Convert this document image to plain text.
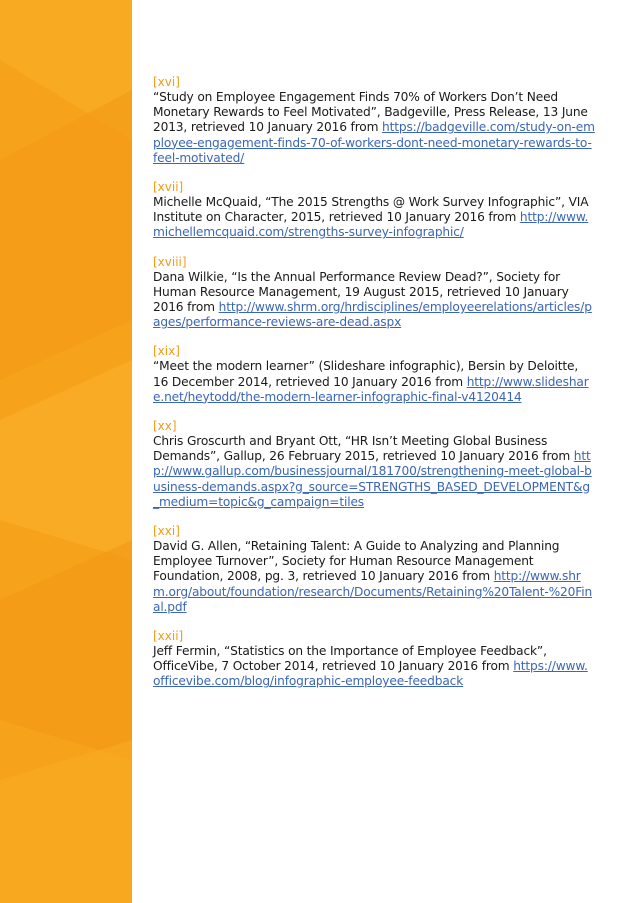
[xvi]
“Study on Employee Engagement Finds 70% of Workers Don’t Need Monetary Rewards to Feel Motivated”, Badgeville, Press Release, 13 June 2013, retrieved 10 January 2016 from https://badgeville.com/study-on-employee-engagement-finds-70-of-workers-dont-need-monetary-rewards-to-feel-motivated/
[xvii]
Michelle McQuaid, “The 2015 Strengths @ Work Survey Infographic”, VIA Institute on Character, 2015, retrieved 10 January 2016 from http://www.michellemcquaid.com/strengths-survey-infographic/
[xviii]
Dana Wilkie, “Is the Annual Performance Review Dead?”, Society for Human Resource Management, 19 August 2015, retrieved 10 January 2016 from http://www.shrm.org/hrdisciplines/employeerelations/articles/pages/performance-reviews-are-dead.aspx
[xix]
“Meet the modern learner” (Slideshare infographic), Bersin by Deloitte, 16 December 2014, retrieved 10 January 2016 from http://www.slideshare.net/heytodd/the-modern-learner-infographic-final-v4120414
[xx]
Chris Groscurth and Bryant Ott, “HR Isn’t Meeting Global Business Demands”, Gallup, 26 February 2015, retrieved 10 January 2016 from http://www.gallup.com/businessjournal/181700/strengthening-meet-global-business-demands.aspx?g_source=STRENGTHS_BASED_DEVELOPMENT&g_medium=topic&g_campaign=tiles
[xxi]
David G. Allen, “Retaining Talent: A Guide to Analyzing and Planning Employee Turnover”, Society for Human Resource Management Foundation, 2008, pg. 3, retrieved 10 January 2016 from http://www.shrm.org/about/foundation/research/Documents/Retaining%20Talent-%20Final.pdf
[xxii]
Jeff Fermin, “Statistics on the Importance of Employee Feedback”, OfficeVibe, 7 October 2014, retrieved 10 January 2016 from https://www.officevibe.com/blog/infographic-employee-feedback
